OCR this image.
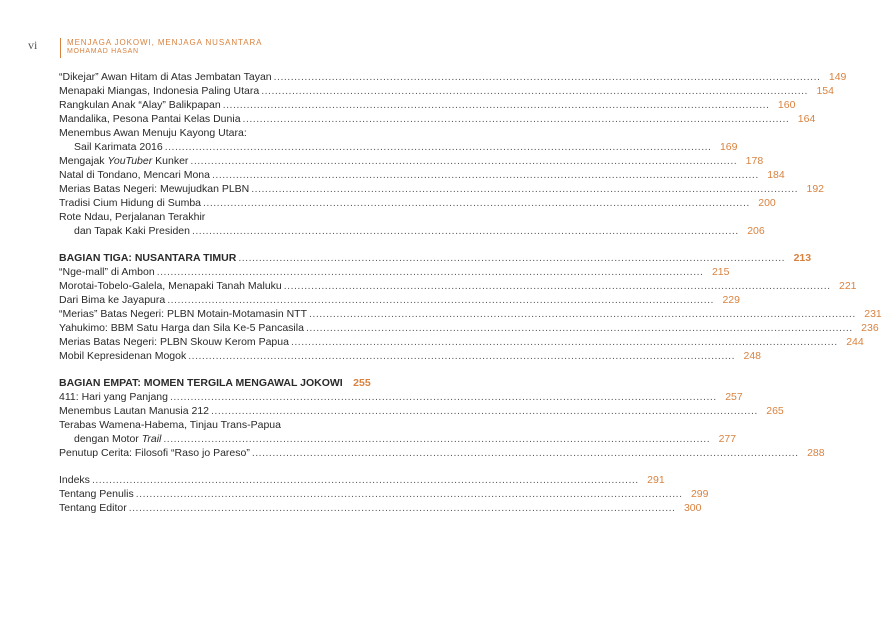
vi	MENJAGA JOKOWI, MENJAGA NUSANTARA
MOHAMAD HASAN
“Dikejar” Awan Hitam di Atas Jembatan Tayan ................................................................................................................................................................ 149
Menapaki Miangas, Indonesia Paling Utara ................................................................................................................................................................ 154
Rangkulan Anak “Alay” Balikpapan ................................................................................................................................................................ 160
Mandalika, Pesona Pantai Kelas Dunia ................................................................................................................................................................ 164
Menembus Awan Menuju Kayong Utara:
Sail Karimata 2016 ................................................................................................................................................................ 169
Mengajak YouTuber Kunker ................................................................................................................................................................ 178
Natal di Tondano, Mencari Mona ................................................................................................................................................................ 184
Merias Batas Negeri: Mewujudkan PLBN ................................................................................................................................................................ 192
Tradisi Cium Hidung di Sumba ................................................................................................................................................................ 200
Rote Ndau, Perjalanan Terakhir
dan Tapak Kaki Presiden ................................................................................................................................................................ 206
BAGIAN TIGA: NUSANTARA TIMUR ................................................................................................................................................................ 213
“Nge-mall” di Ambon ................................................................................................................................................................ 215
Morotai-Tobelo-Galela, Menapaki Tanah Maluku ................................................................................................................................................................ 221
Dari Bima ke Jayapura ................................................................................................................................................................ 229
“Merias” Batas Negeri: PLBN Motain-Motamasin NTT ................................................................................................................................................................ 231
Yahukimo: BBM Satu Harga dan Sila Ke-5 Pancasila ................................................................................................................................................................ 236
Merias Batas Negeri: PLBN Skouw Kerom Papua ................................................................................................................................................................ 244
Mobil Kepresidenan Mogok ................................................................................................................................................................ 248
BAGIAN EMPAT: MOMEN TERGILA MENGAWAL JOKOWI 255
411: Hari yang Panjang ................................................................................................................................................................ 257
Menembus Lautan Manusia 212 ................................................................................................................................................................ 265
Terabas Wamena-Habema, Tinjau Trans-Papua
dengan Motor Trail ................................................................................................................................................................ 277
Penutup Cerita: Filosofi “Raso jo Pareso” ................................................................................................................................................................ 288
Indeks ................................................................................................................................................................ 291
Tentang Penulis ................................................................................................................................................................ 299
Tentang Editor ................................................................................................................................................................ 300
